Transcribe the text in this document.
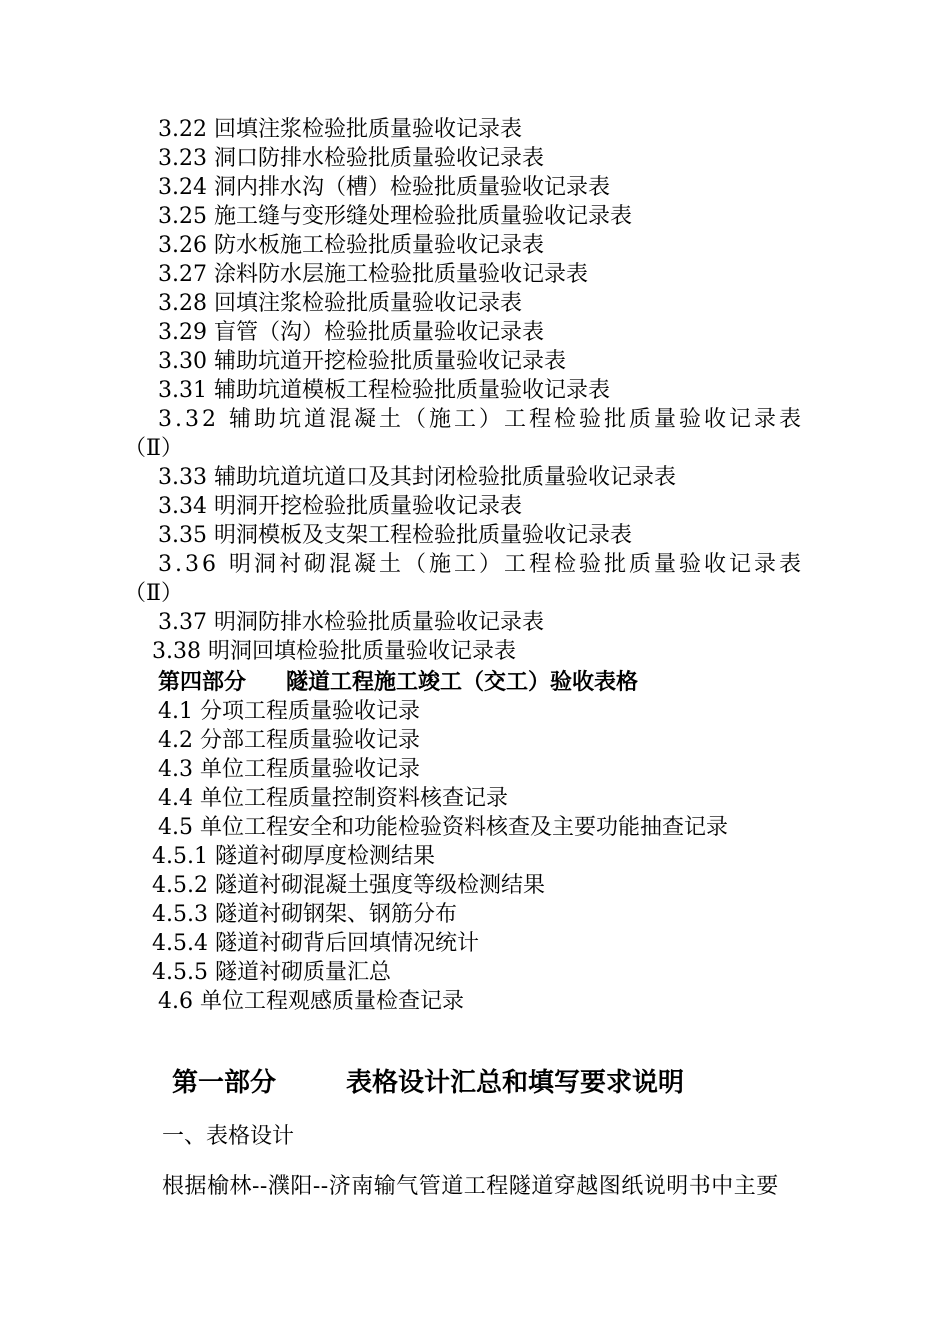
3.22 回填注浆检验批质量验收记录表
3.23 洞口防排水检验批质量验收记录表
3.24 洞内排水沟（槽）检验批质量验收记录表
3.25 施工缝与变形缝处理检验批质量验收记录表
3.26 防水板施工检验批质量验收记录表
3.27 涂料防水层施工检验批质量验收记录表
3.28 回填注浆检验批质量验收记录表
3.29 盲管（沟）检验批质量验收记录表
3.30 辅助坑道开挖检验批质量验收记录表
3.31 辅助坑道模板工程检验批质量验收记录表
3.32 辅助坑道混凝土（施工）工程检验批质量验收记录表
（Ⅱ）
3.33 辅助坑道坑道口及其封闭检验批质量验收记录表
3.34 明洞开挖检验批质量验收记录表
3.35 明洞模板及支架工程检验批质量验收记录表
3.36 明洞衬砌混凝土（施工）工程检验批质量验收记录表
（Ⅱ）
3.37 明洞防排水检验批质量验收记录表
3.38 明洞回填检验批质量验收记录表
第四部分 隧道工程施工竣工（交工）验收表格
4.1 分项工程质量验收记录
4.2 分部工程质量验收记录
4.3 单位工程质量验收记录
4.4 单位工程质量控制资料核查记录
4.5 单位工程安全和功能检验资料核查及主要功能抽查记录
4.5.1 隧道衬砌厚度检测结果
4.5.2 隧道衬砌混凝土强度等级检测结果
4.5.3 隧道衬砌钢架、钢筋分布
4.5.4 隧道衬砌背后回填情况统计
4.5.5 隧道衬砌质量汇总
4.6 单位工程观感质量检查记录
第一部分	表格设计汇总和填写要求说明
一、表格设计
根据榆林--濮阳--济南输气管道工程隧道穿越图纸说明书中主要
